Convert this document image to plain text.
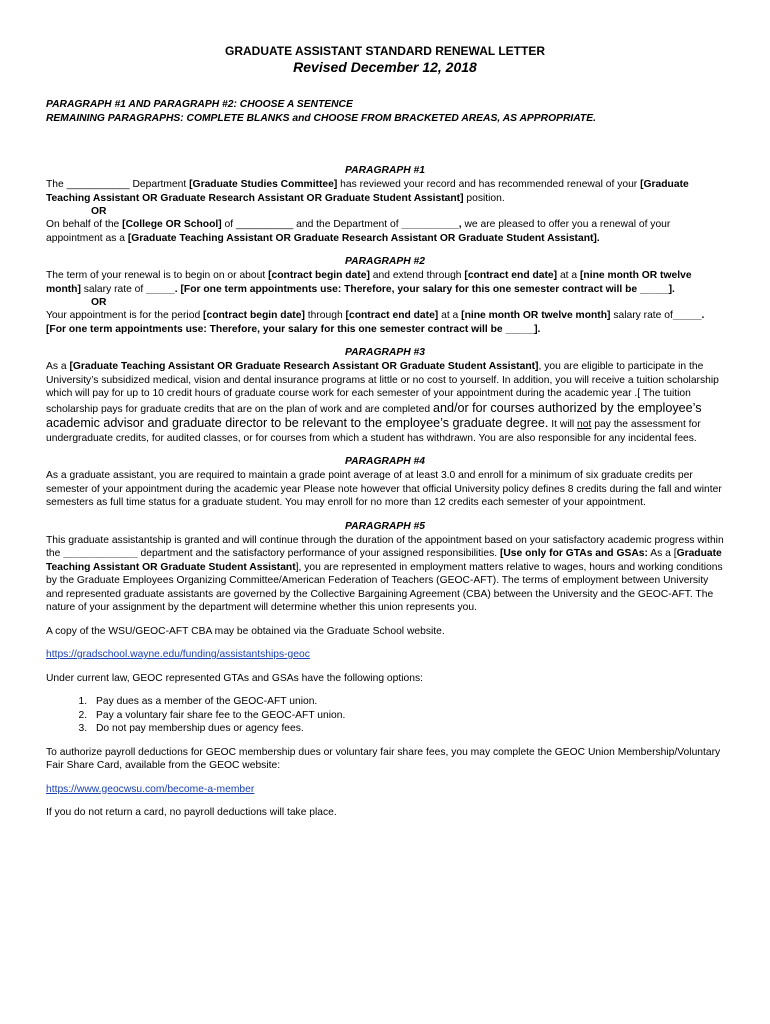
GRADUATE ASSISTANT STANDARD RENEWAL LETTER
Revised December 12, 2018

PARAGRAPH #1 AND PARAGRAPH #2: CHOOSE A SENTENCE

REMAINING PARAGRAPHS: COMPLETE BLANKS and CHOOSE FROM BRACKETED AREAS, AS APPROPRIATE.

PARAGRAPH #1

The ___________ Department [Graduate Studies Committee] has reviewed your record and has recommended renewal of your [Graduate Teaching Assistant OR Graduate Research Assistant OR Graduate Student Assistant] position.

OR

On behalf of the [College OR School] of __________ and the Department of __________, we are pleased to offer you a renewal of your appointment as a [Graduate Teaching Assistant OR Graduate Research Assistant OR Graduate Student Assistant].

PARAGRAPH #2

The term of your renewal is to begin on or about [contract begin date] and extend through [contract end date] at a [nine month OR twelve month] salary rate of _____. [For one term appointments use: Therefore, your salary for this one semester contract will be _____].

OR

Your appointment is for the period [contract begin date] through [contract end date] at a [nine month OR twelve month] salary rate of_____. [For one term appointments use: Therefore, your salary for this one semester contract will be _____].

PARAGRAPH #3

As a [Graduate Teaching Assistant OR Graduate Research Assistant OR Graduate Student Assistant], you are eligible to participate in the University’s subsidized medical, vision and dental insurance programs at little or no cost to yourself. In addition, you will receive a tuition scholarship which will pay for up to 10 credit hours of graduate course work for each semester of your appointment during the academic year .[ The tuition scholarship pays for graduate credits that are on the plan of work and are completed and/or for courses authorized by the employee’s academic advisor and graduate director to be relevant to the employee’s graduate degree. It will not pay the assessment for undergraduate credits, for audited classes, or for courses from which a student has withdrawn. You are also responsible for any incidental fees.

PARAGRAPH #4

As a graduate assistant, you are required to maintain a grade point average of at least 3.0 and enroll for a minimum of six graduate credits per semester of your appointment during the academic year Please note however that official University policy defines 8 credits during the fall and winter semesters as full time status for a graduate student. You may enroll for no more than 12 credits each semester of your appointment.

PARAGRAPH #5

This graduate assistantship is granted and will continue through the duration of the appointment based on your satisfactory academic progress within the _____________ department and the satisfactory performance of your assigned responsibilities. [Use only for GTAs and GSAs: As a [Graduate Teaching Assistant OR Graduate Student Assistant], you are represented in employment matters relative to wages, hours and working conditions by the Graduate Employees Organizing Committee/American Federation of Teachers (GEOC-AFT). The terms of employment between University and represented graduate assistants are governed by the Collective Bargaining Agreement (CBA) between the University and the GEOC-AFT. The nature of your assignment by the department will determine whether this union represents you.

A copy of the WSU/GEOC-AFT CBA may be obtained via the Graduate School website.

https://gradschool.wayne.edu/funding/assistantships-geoc

Under current law, GEOC represented GTAs and GSAs have the following options:

1. Pay dues as a member of the GEOC-AFT union.
2. Pay a voluntary fair share fee to the GEOC-AFT union.
3. Do not pay membership dues or agency fees.

To authorize payroll deductions for GEOC membership dues or voluntary fair share fees, you may complete the GEOC Union Membership/Voluntary Fair Share Card, available from the GEOC website:

https://www.geocwsu.com/become-a-member

If you do not return a card, no payroll deductions will take place.
